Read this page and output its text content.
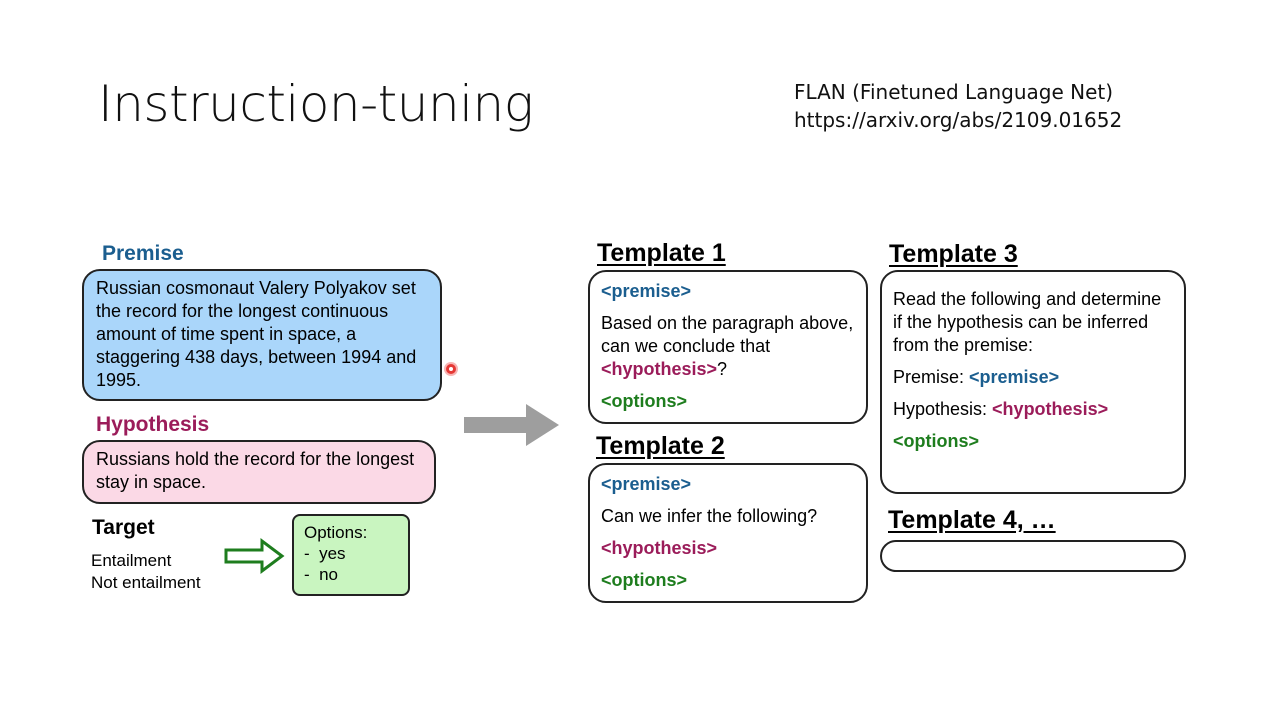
Instruction-tuning	FLAN (Finetuned Language Net)
https://arxiv.org/abs/2109.01652
Premise
Russian cosmonaut Valery Polyakov set the record for the longest continuous amount of time spent in space, a staggering 438 days, between 1994 and 1995.
Hypothesis
Russians hold the record for the longest stay in space.
Target
Entailment
Not entailment
Options:
-  yes
-  no
Template 1
<premise>
Based on the paragraph above, can we conclude that <hypothesis>?
<options>
Template 2
<premise>
Can we infer the following?
<hypothesis>
<options>
Template 3
Read the following and determine if the hypothesis can be inferred from the premise:
Premise: <premise>
Hypothesis: <hypothesis>
<options>
Template 4, …
